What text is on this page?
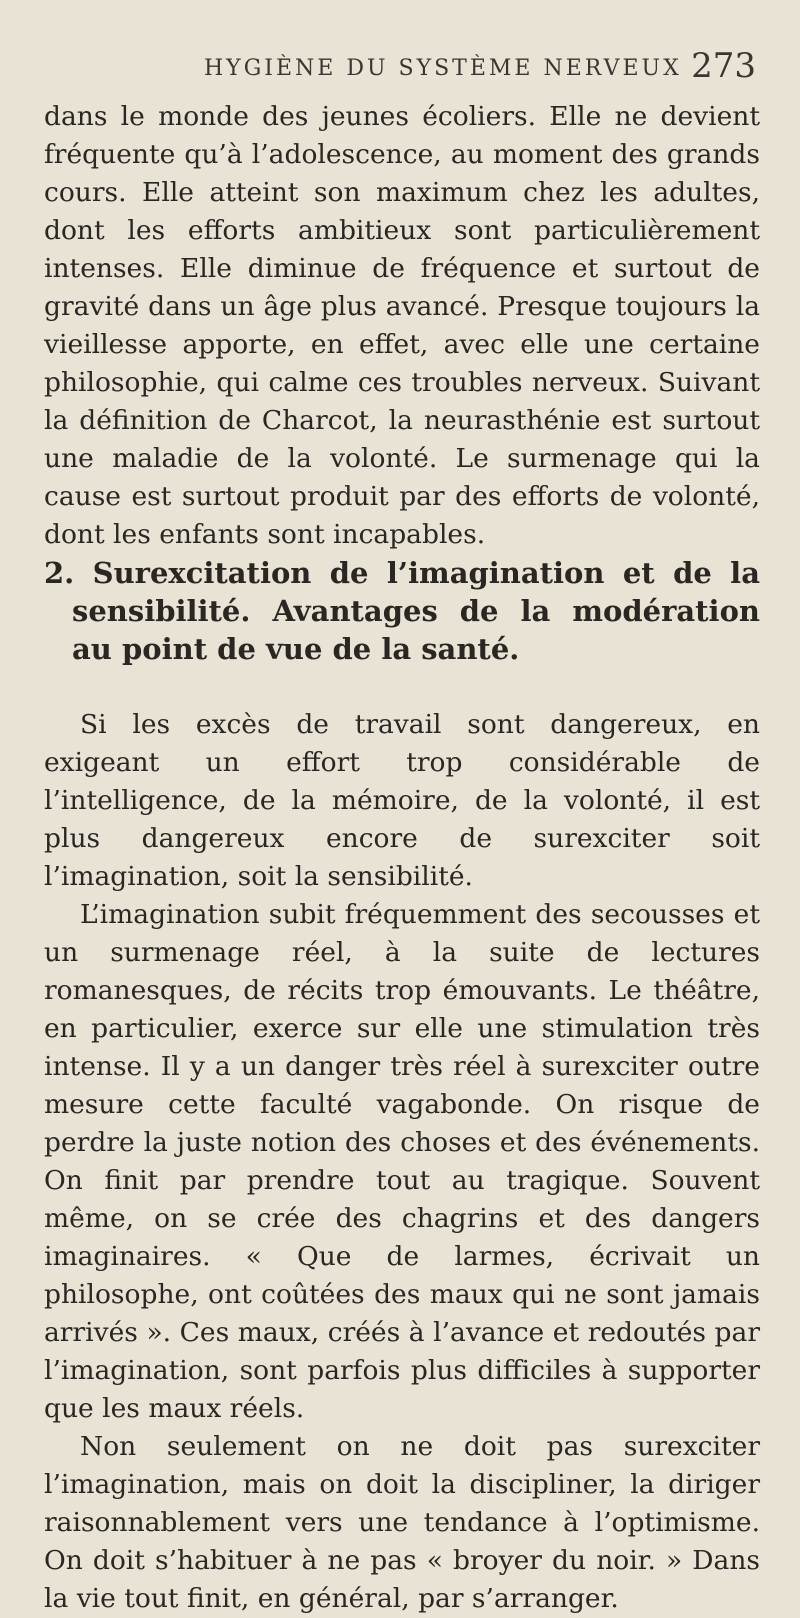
HYGIÈNE DU SYSTÈME NERVEUX 273

dans le monde des jeunes écoliers. Elle ne devient fréquente qu’à l’adolescence, au moment des grands cours. Elle atteint son maximum chez les adultes, dont les efforts ambitieux sont particulièrement intenses. Elle diminue de fréquence et surtout de gravité dans un âge plus avancé. Presque toujours la vieillesse apporte, en effet, avec elle une certaine philosophie, qui calme ces troubles nerveux. Suivant la définition de Charcot, la neurasthénie est surtout une maladie de la volonté. Le surmenage qui la cause est surtout produit par des efforts de volonté, dont les enfants sont incapables.

2. Surexcitation de l’imagination et de la sensibilité. Avantages de la modération au point de vue de la santé.

Si les excès de travail sont dangereux, en exigeant un effort trop considérable de l’intelligence, de la mémoire, de la volonté, il est plus dangereux encore de surexciter soit l’imagination, soit la sensibilité.

L’imagination subit fréquemment des secousses et un surmenage réel, à la suite de lectures romanesques, de récits trop émouvants. Le théâtre, en particulier, exerce sur elle une stimulation très intense. Il y a un danger très réel à surexciter outre mesure cette faculté vagabonde. On risque de perdre la juste notion des choses et des événements. On finit par prendre tout au tragique. Souvent même, on se crée des chagrins et des dangers imaginaires. « Que de larmes, écrivait un philosophe, ont coûtées des maux qui ne sont jamais arrivés ». Ces maux, créés à l’avance et redoutés par l’imagination, sont parfois plus difficiles à supporter que les maux réels.

Non seulement on ne doit pas surexciter l’imagination, mais on doit la discipliner, la diriger raisonnablement vers une tendance à l’optimisme. On doit s’habituer à ne pas « broyer du noir. » Dans la vie tout finit, en général, par s’arranger.
